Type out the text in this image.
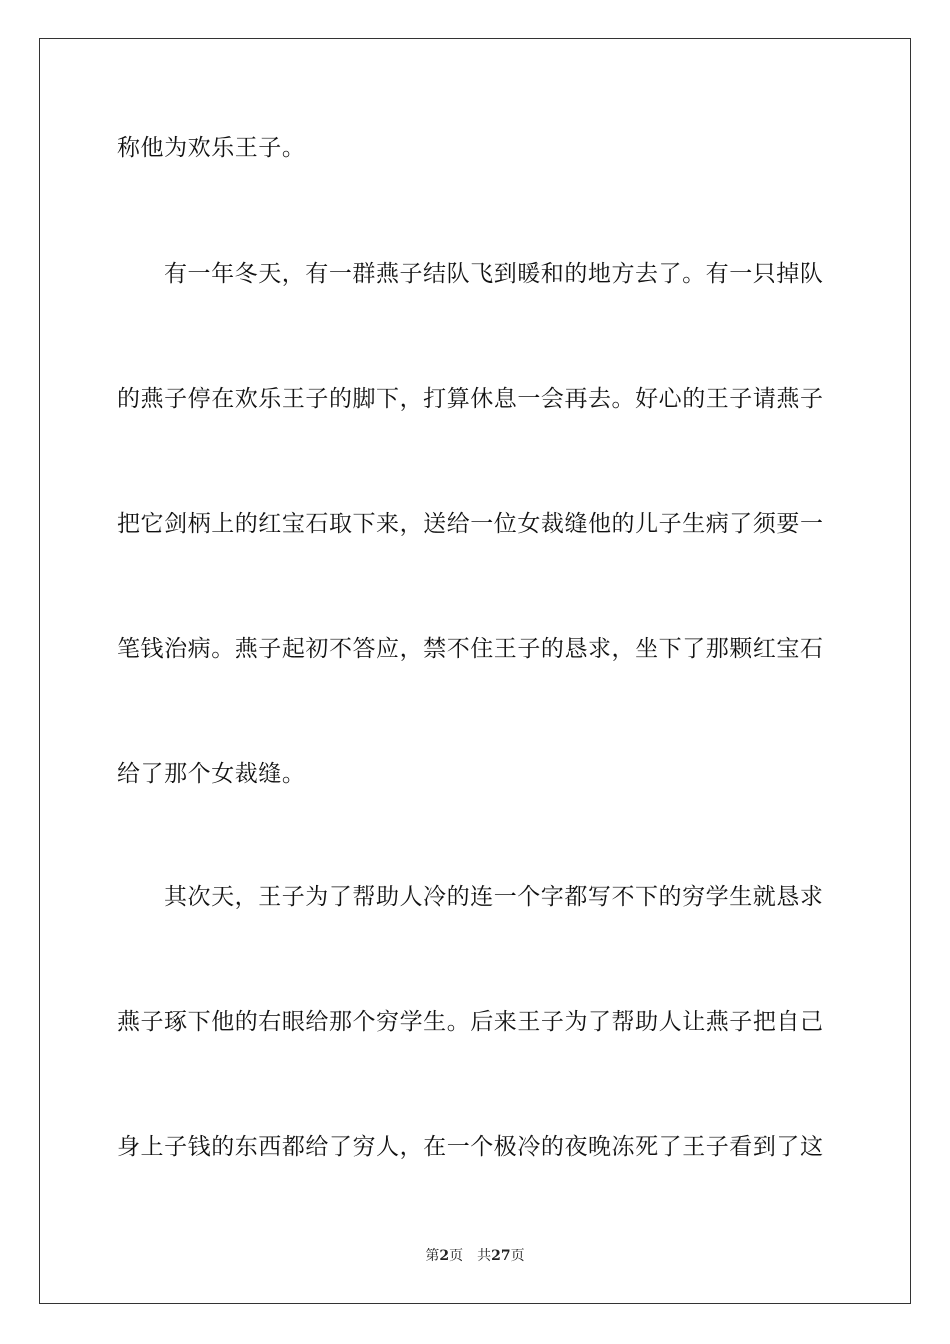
称他为欢乐王子。
有一年冬天，有一群燕子结队飞到暖和的地方去了。有一只掉队
的燕子停在欢乐王子的脚下，打算休息一会再去。好心的王子请燕子
把它剑柄上的红宝石取下来，送给一位女裁缝他的儿子生病了须要一
笔钱治病。燕子起初不答应，禁不住王子的恳求，坐下了那颗红宝石
给了那个女裁缝。
其次天，王子为了帮助人冷的连一个字都写不下的穷学生就恳求
燕子琢下他的右眼给那个穷学生。后来王子为了帮助人让燕子把自己
身上子钱的东西都给了穷人，在一个极冷的夜晚冻死了王子看到了这
第2页 共27页
